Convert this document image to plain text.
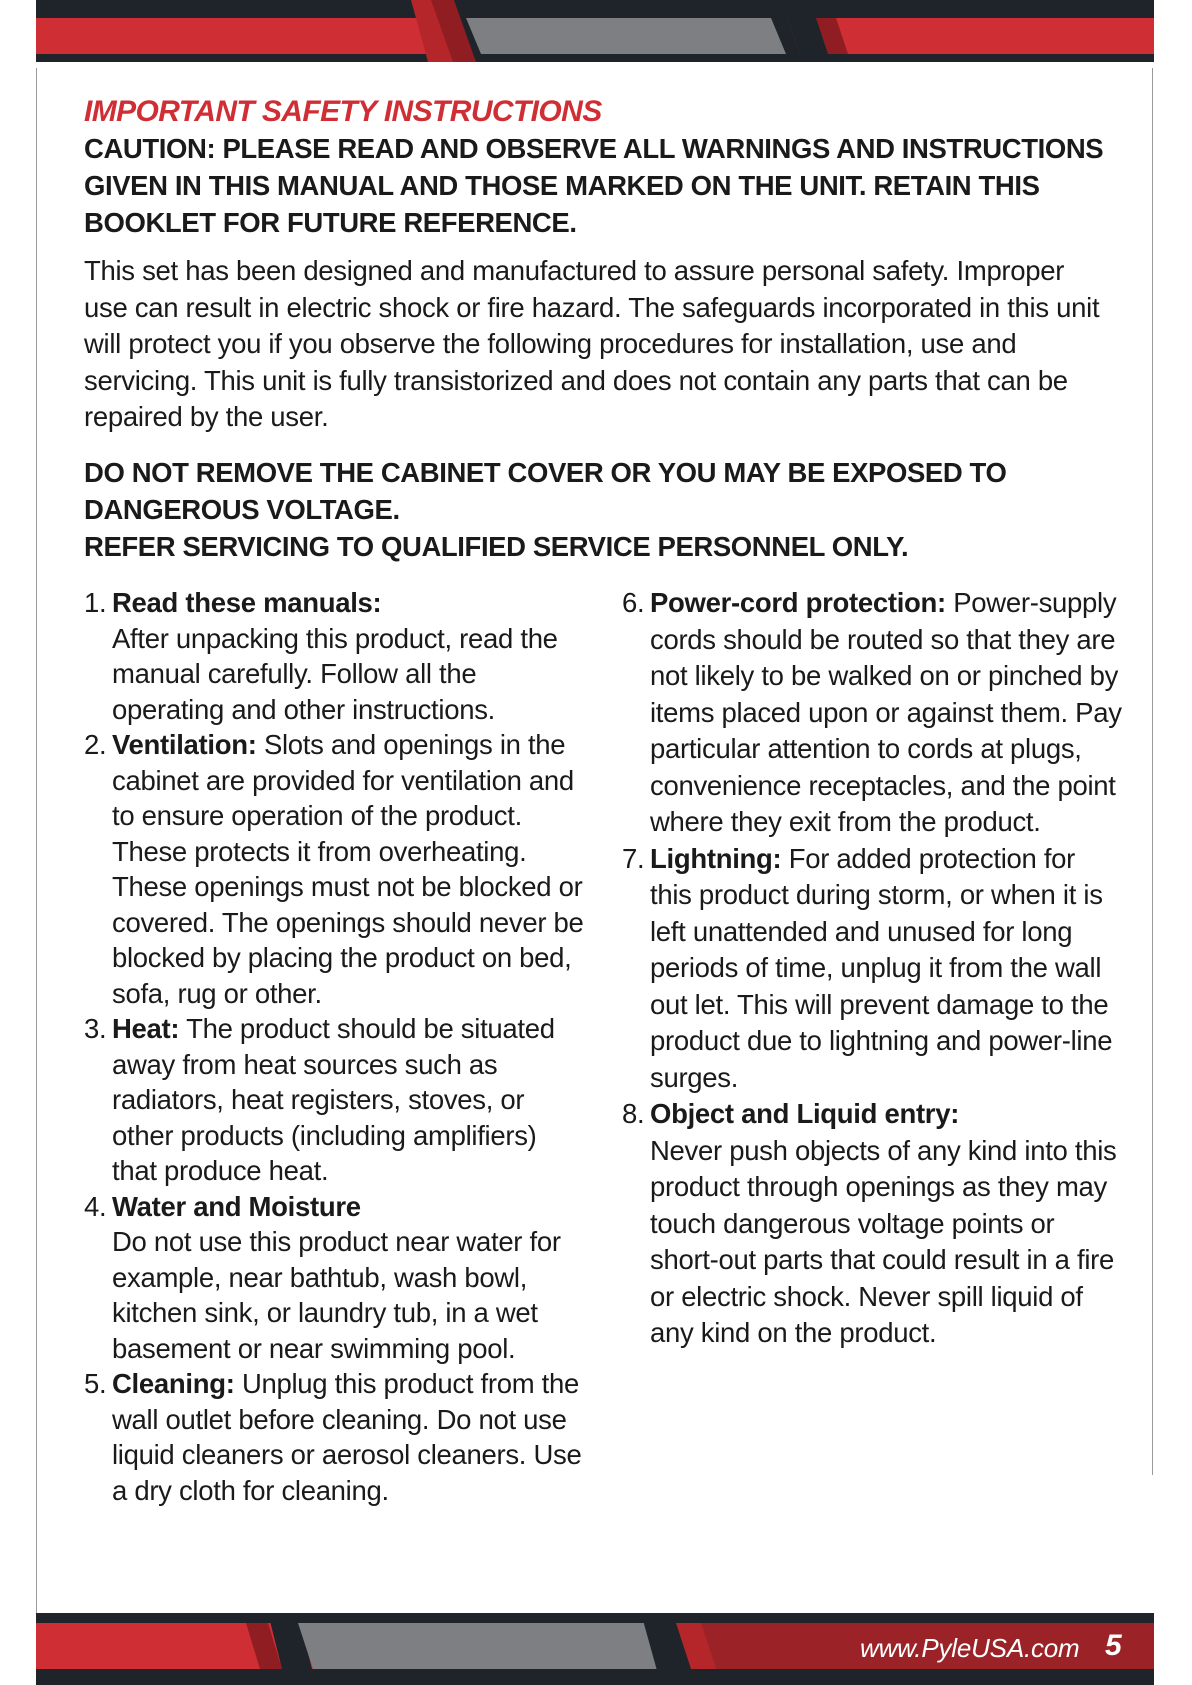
IMPORTANT SAFETY INSTRUCTIONS

CAUTION: PLEASE READ AND OBSERVE ALL WARNINGS AND INSTRUCTIONS GIVEN IN THIS MANUAL AND THOSE MARKED ON THE UNIT. RETAIN THIS BOOKLET FOR FUTURE REFERENCE.

This set has been designed and manufactured to assure personal safety. Improper use can result in electric shock or fire hazard. The safeguards incorporated in this unit will protect you if you observe the following procedures for installation, use and servicing. This unit is fully transistorized and does not contain any parts that can be repaired by the user.

DO NOT REMOVE THE CABINET COVER OR YOU MAY BE EXPOSED TO DANGEROUS VOLTAGE.

REFER SERVICING TO QUALIFIED SERVICE PERSONNEL ONLY.

1. Read these manuals:
After unpacking this product, read the manual carefully. Follow all the operating and other instructions.

2. Ventilation: Slots and openings in the cabinet are provided for ventilation and to ensure operation of the product. These protects it from overheating. These openings must not be blocked or covered. The openings should never be blocked by placing the product on bed, sofa, rug or other.

3. Heat: The product should be situated away from heat sources such as radiators, heat registers, stoves, or other products (including amplifiers) that produce heat.

4. Water and Moisture
Do not use this product near water for example, near bathtub, wash bowl, kitchen sink, or laundry tub, in a wet basement or near swimming pool.

5. Cleaning: Unplug this product from the wall outlet before cleaning. Do not use liquid cleaners or aerosol cleaners. Use a dry cloth for cleaning.

6. Power-cord protection: Power-supply cords should be routed so that they are not likely to be walked on or pinched by items placed upon or against them. Pay particular attention to cords at plugs, convenience receptacles, and the point where they exit from the product.

7. Lightning: For added protection for this product during storm, or when it is left unattended and unused for long periods of time, unplug it from the wall out let. This will prevent damage to the product due to lightning and power-line surges.

8. Object and Liquid entry:
Never push objects of any kind into this product through openings as they may touch dangerous voltage points or short-out parts that could result in a fire or electric shock. Never spill liquid of any kind on the product.

www.PyleUSA.com 5
